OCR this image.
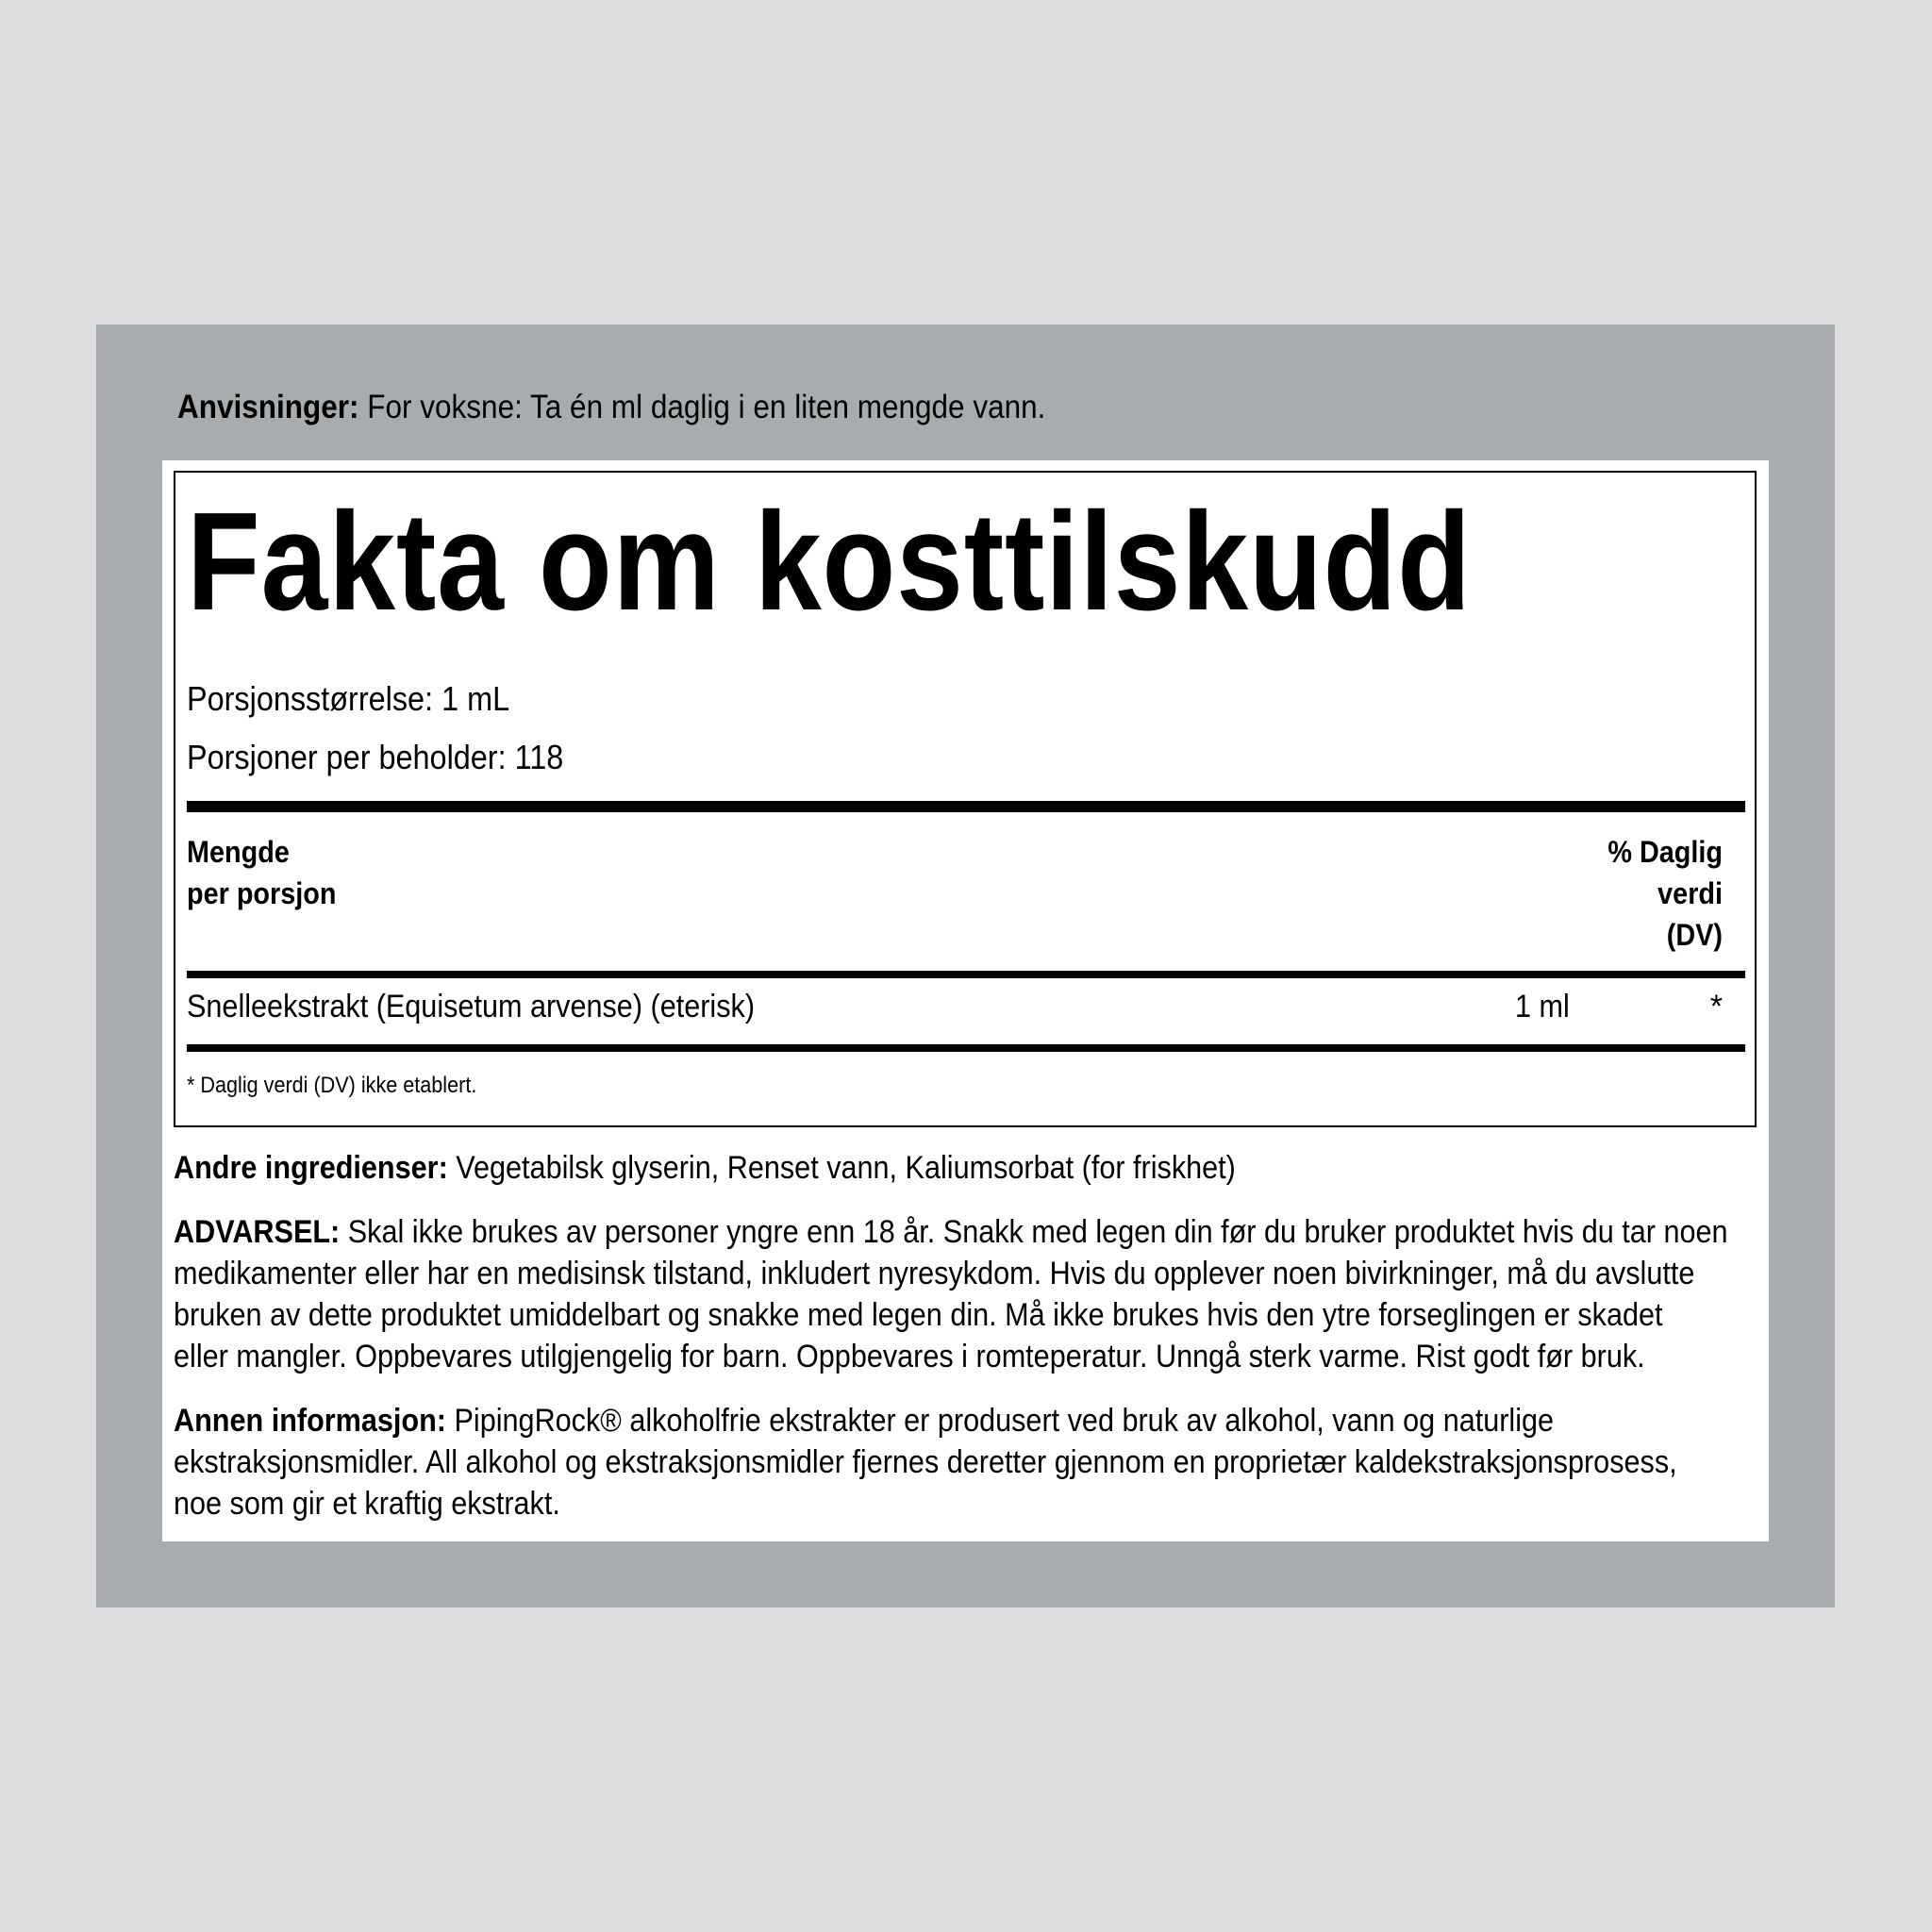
Anvisninger: For voksne: Ta én ml daglig i en liten mengde vann.
Fakta om kosttilskudd
Porsjonsstørrelse: 1 mL
Porsjoner per beholder: 118
Mengde
per porsjon
% Daglig
verdi
(DV)
Snelleekstrakt (Equisetum arvense) (eterisk)	1 ml	*
* Daglig verdi (DV) ikke etablert.

Andre ingredienser: Vegetabilsk glyserin, Renset vann, Kaliumsorbat (for friskhet)

ADVARSEL: Skal ikke brukes av personer yngre enn 18 år. Snakk med legen din før du bruker produktet hvis du tar noen

medikamenter eller har en medisinsk tilstand, inkludert nyresykdom. Hvis du opplever noen bivirkninger, må du avslutte

bruken av dette produktet umiddelbart og snakke med legen din. Må ikke brukes hvis den ytre forseglingen er skadet

eller mangler. Oppbevares utilgjengelig for barn. Oppbevares i romteperatur. Unngå sterk varme. Rist godt før bruk.

Annen informasjon: PipingRock® alkoholfrie ekstrakter er produsert ved bruk av alkohol, vann og naturlige

ekstraksjonsmidler. All alkohol og ekstraksjonsmidler fjernes deretter gjennom en proprietær kaldekstraksjonsprosess,

noe som gir et kraftig ekstrakt.
